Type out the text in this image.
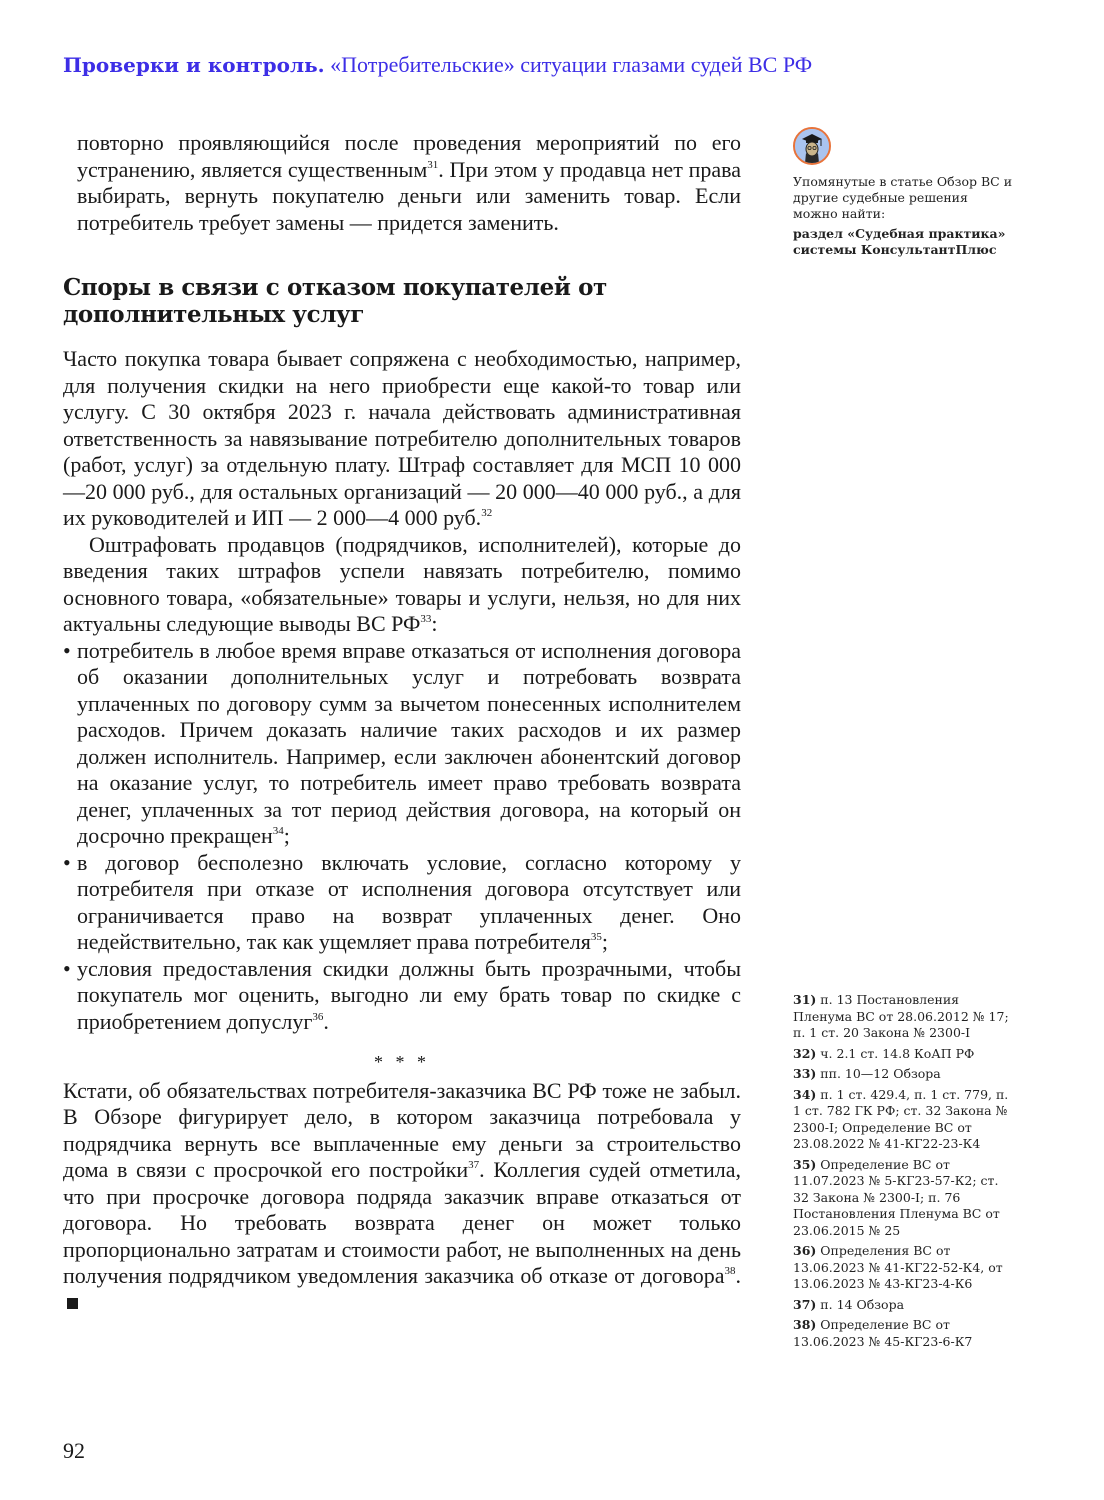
Проверки и контроль. «Потребительские» ситуации глазами судей ВС РФ

повторно проявляющийся после проведения мероприятий по его устранению, является существенным$^{31}$. При этом у продавца нет права выбирать, вернуть покупателю деньги или заменить товар. Если потребитель требует замены — придется заменить.

Споры в связи с отказом покупателей от дополнительных услуг

Часто покупка товара бывает сопряжена с необходимостью, например, для получения скидки на него приобрести еще какой-то товар или услугу. С 30 октября 2023 г. начала действовать административная ответственность за навязывание потребителю дополнительных товаров (работ, услуг) за отдельную плату. Штраф составляет для МСП 10 000—20 000 руб., для остальных организаций — 20 000—40 000 руб., а для их руководителей и ИП — 2 000—4 000 руб.$^{32}$

Оштрафовать продавцов (подрядчиков, исполнителей), которые до введения таких штрафов успели навязать потребителю, помимо основного товара, «обязательные» товары и услуги, нельзя, но для них актуальны следующие выводы ВС РФ$^{33}$:

• потребитель в любое время вправе отказаться от исполнения договора об оказании дополнительных услуг и потребовать возврата уплаченных по договору сумм за вычетом понесенных исполнителем расходов. Причем доказать наличие таких расходов и их размер должен исполнитель. Например, если заключен абонентский договор на оказание услуг, то потребитель имеет право требовать возврата денег, уплаченных за тот период действия договора, на который он досрочно прекращен$^{34}$;
• в договор бесполезно включать условие, согласно которому у потребителя при отказе от исполнения договора отсутствует или ограничивается право на возврат уплаченных денег. Оно недействительно, так как ущемляет права потребителя$^{35}$;
• условия предоставления скидки должны быть прозрачными, чтобы покупатель мог оценить, выгодно ли ему брать товар по скидке с приобретением допуслуг$^{36}$.
* * *

Кстати, об обязательствах потребителя-заказчика ВС РФ тоже не забыл. В Обзоре фигурирует дело, в котором заказчица потребовала у подрядчика вернуть все выплаченные ему деньги за строительство дома в связи с просрочкой его постройки$^{37}$. Коллегия судей отметила, что при просрочке договора подряда заказчик вправе отказаться от договора. Но требовать возврата денег он может только пропорционально затратам и стоимости работ, не выполненных на день получения подрядчиком уведомления заказчика об отказе от договора$^{38}$.

Упомянутые в статье Обзор ВС и другие судебные решения можно найти:
раздел «Судебная практика» системы КонсультантПлюс
31) п. 13 Постановления Пленума ВС от 28.06.2012 № 17; п. 1 ст. 20 Закона № 2300-I
32) ч. 2.1 ст. 14.8 КоАП РФ
33) пп. 10—12 Обзора
34) п. 1 ст. 429.4, п. 1 ст. 779, п. 1 ст. 782 ГК РФ; ст. 32 Закона № 2300-I; Определение ВС от 23.08.2022 № 41-КГ22-23-К4
35) Определение ВС от 11.07.2023 № 5-КГ23-57-К2; ст. 32 Закона № 2300-I; п. 76 Постановления Пленума ВС от 23.06.2015 № 25
36) Определения ВС от 13.06.2023 № 41-КГ22-52-К4, от 13.06.2023 № 43-КГ23-4-К6
37) п. 14 Обзора
38) Определение ВС от 13.06.2023 № 45-КГ23-6-К7
92
